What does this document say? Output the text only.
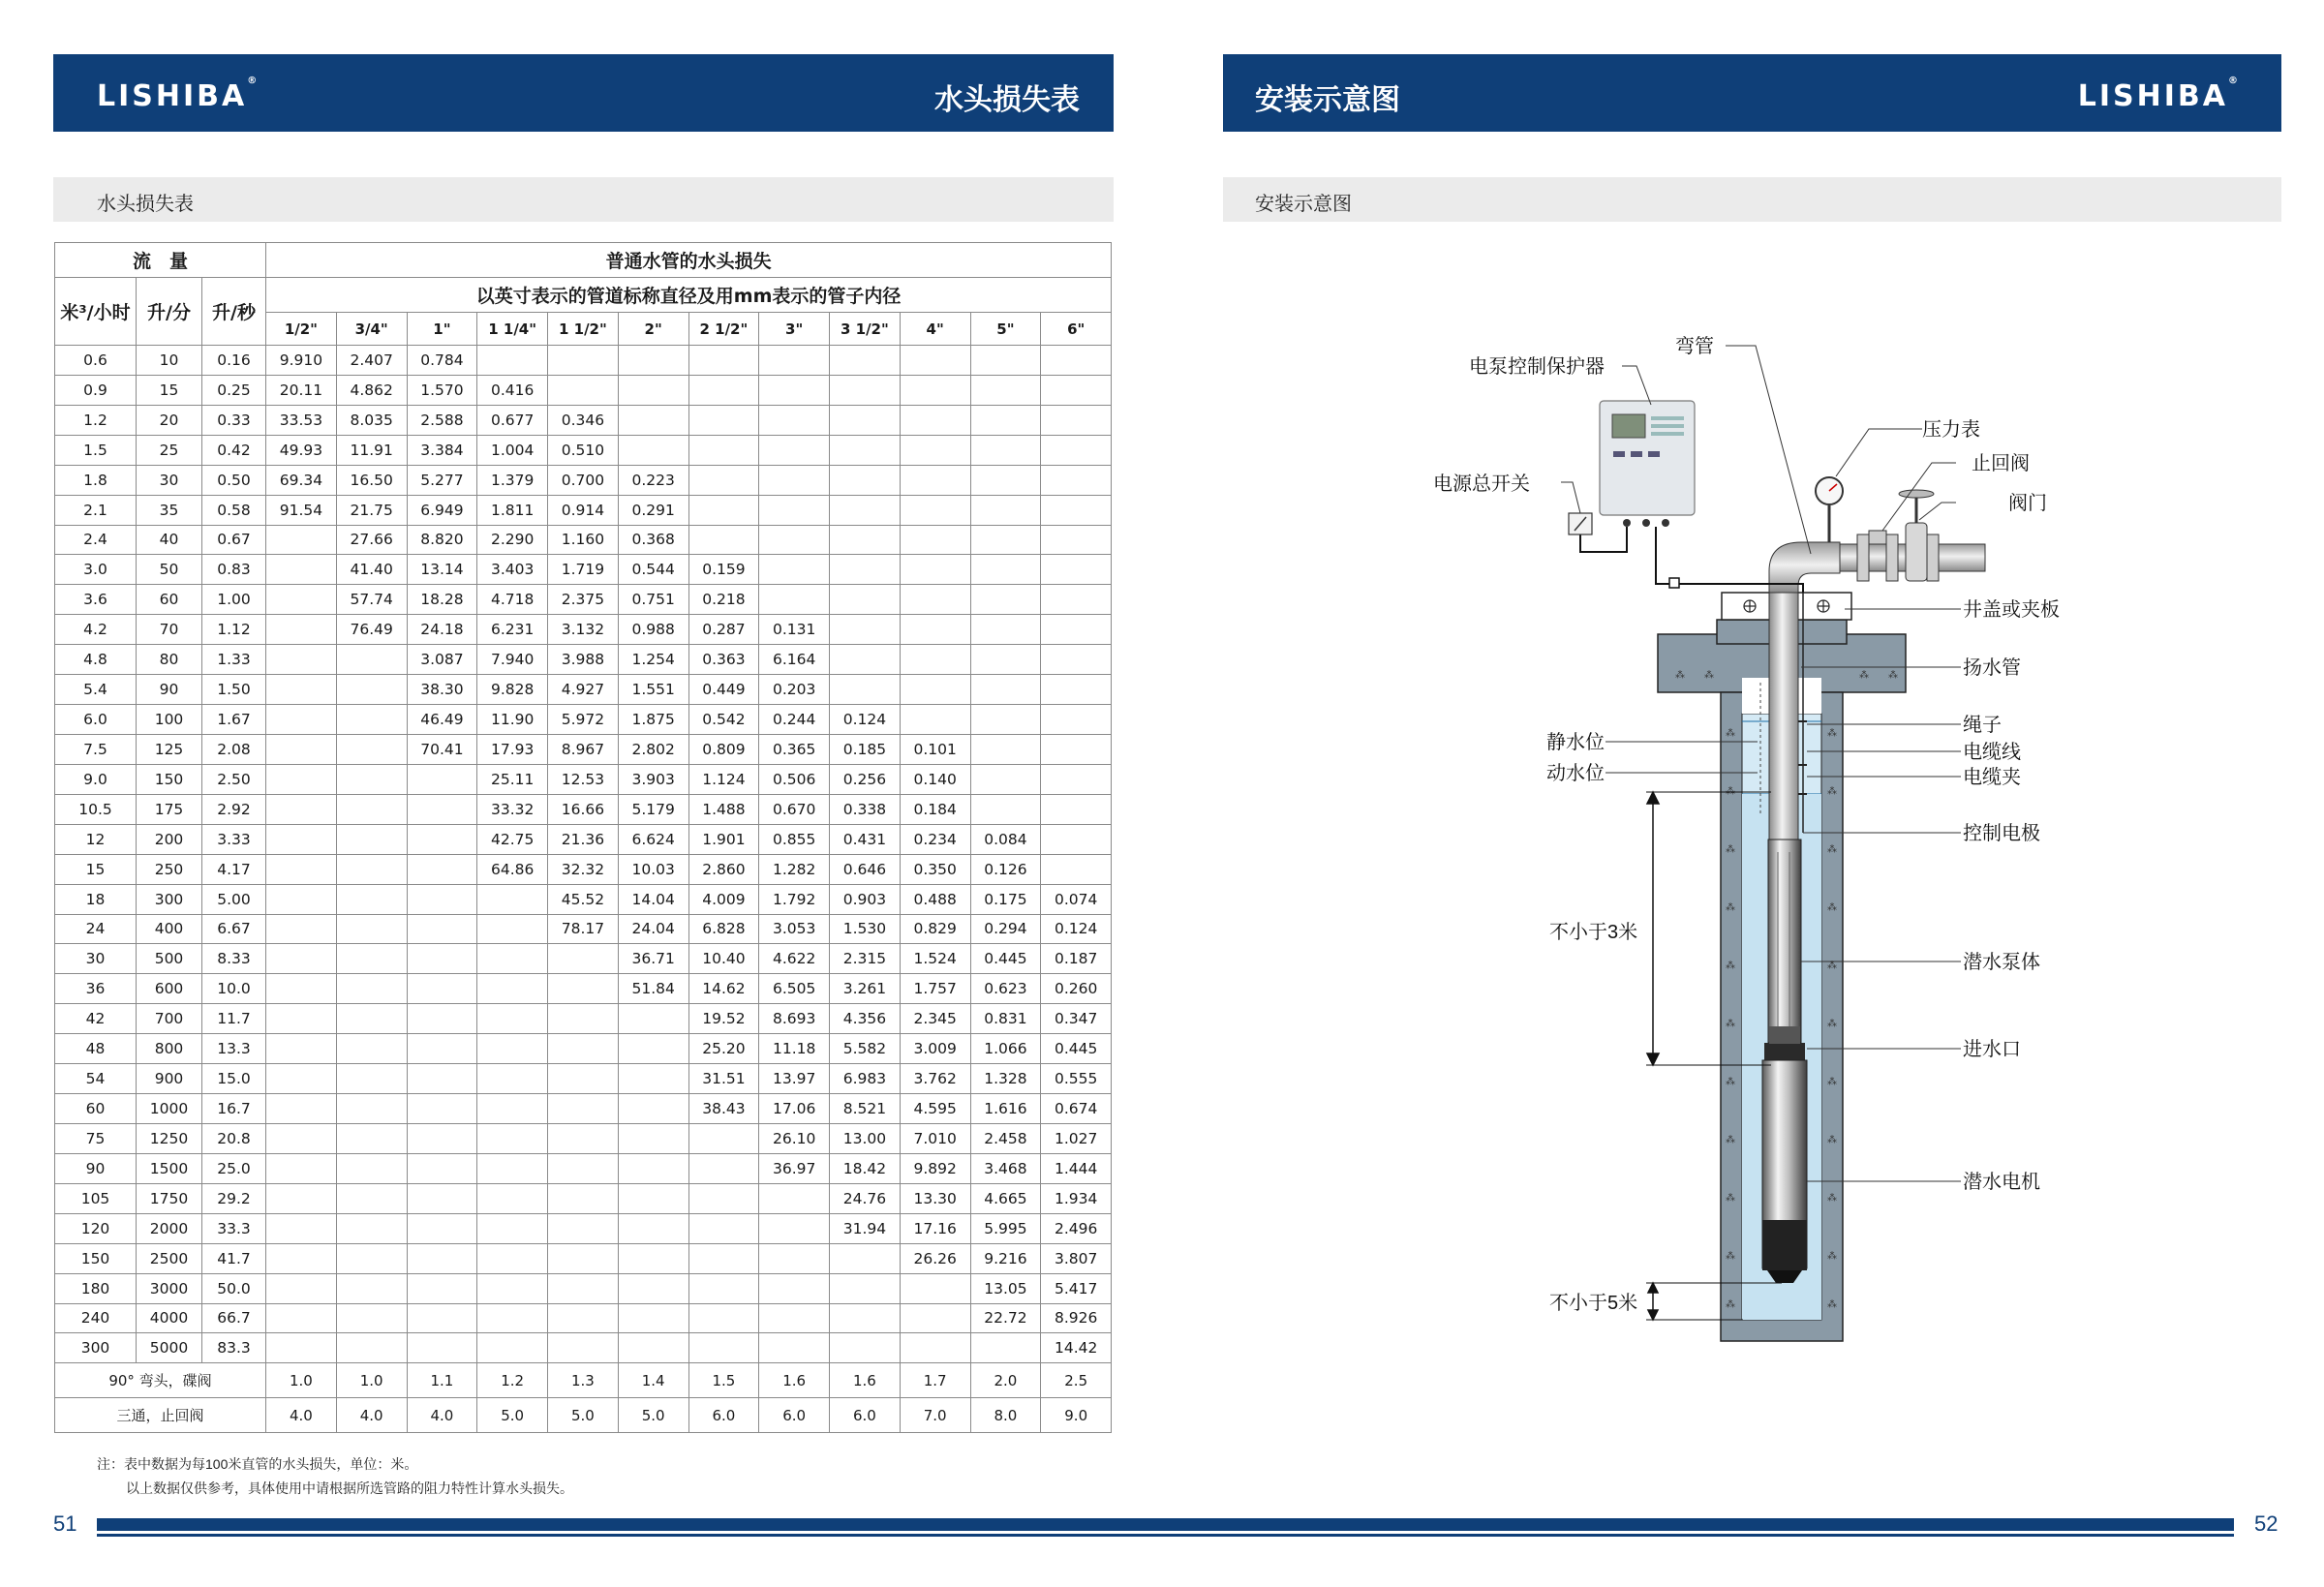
LISHIBA®
水头损失表
水头损失表
流　量			普通水管的水头损失											
米³/小时	升/分	升/秒	以英寸表示的管道标称直径及用mm表示的管子内径											
			1/2"	3/4"	1"	1 1/4"	1 1/2"	2"	2 1/2"	3"	3 1/2"	4"	5"	6"
0.6	10	0.16	9.910	2.407	0.784									
0.9	15	0.25	20.11	4.862	1.570	0.416								
1.2	20	0.33	33.53	8.035	2.588	0.677	0.346							
1.5	25	0.42	49.93	11.91	3.384	1.004	0.510							
1.8	30	0.50	69.34	16.50	5.277	1.379	0.700	0.223						
2.1	35	0.58	91.54	21.75	6.949	1.811	0.914	0.291						
2.4	40	0.67		27.66	8.820	2.290	1.160	0.368						
3.0	50	0.83		41.40	13.14	3.403	1.719	0.544	0.159					
3.6	60	1.00		57.74	18.28	4.718	2.375	0.751	0.218					
4.2	70	1.12		76.49	24.18	6.231	3.132	0.988	0.287	0.131				
4.8	80	1.33			3.087	7.940	3.988	1.254	0.363	6.164				
5.4	90	1.50			38.30	9.828	4.927	1.551	0.449	0.203				
6.0	100	1.67			46.49	11.90	5.972	1.875	0.542	0.244	0.124			
7.5	125	2.08			70.41	17.93	8.967	2.802	0.809	0.365	0.185	0.101		
9.0	150	2.50				25.11	12.53	3.903	1.124	0.506	0.256	0.140		
10.5	175	2.92				33.32	16.66	5.179	1.488	0.670	0.338	0.184		
12	200	3.33				42.75	21.36	6.624	1.901	0.855	0.431	0.234	0.084	
15	250	4.17				64.86	32.32	10.03	2.860	1.282	0.646	0.350	0.126	
18	300	5.00					45.52	14.04	4.009	1.792	0.903	0.488	0.175	0.074
24	400	6.67					78.17	24.04	6.828	3.053	1.530	0.829	0.294	0.124
30	500	8.33						36.71	10.40	4.622	2.315	1.524	0.445	0.187
36	600	10.0						51.84	14.62	6.505	3.261	1.757	0.623	0.260
42	700	11.7							19.52	8.693	4.356	2.345	0.831	0.347
48	800	13.3							25.20	11.18	5.582	3.009	1.066	0.445
54	900	15.0							31.51	13.97	6.983	3.762	1.328	0.555
60	1000	16.7							38.43	17.06	8.521	4.595	1.616	0.674
75	1250	20.8								26.10	13.00	7.010	2.458	1.027
90	1500	25.0								36.97	18.42	9.892	3.468	1.444
105	1750	29.2									24.76	13.30	4.665	1.934
120	2000	33.3									31.94	17.16	5.995	2.496
150	2500	41.7										26.26	9.216	3.807
180	3000	50.0											13.05	5.417
240	4000	66.7											22.72	8.926
300	5000	83.3												14.42
90° 弯头，碟阀			1.0	1.0	1.1	1.2	1.3	1.4	1.5	1.6	1.6	1.7	2.0	2.5
三通，止回阀			4.0	4.0	4.0	5.0	5.0	5.0	6.0	6.0	6.0	7.0	8.0	9.0
注：表中数据为每100米直管的水头损失，单位：米。
以上数据仅供参考，具体使用中请根据所选管路的阻力特性计算水头损失。
安装示意图	LISHIBA®
安装示意图
⁂ ⁂	⁂ ⁂
⁂	⁂
⁂	⁂
⁂	⁂
⁂	⁂
⁂	⁂
⁂	⁂
⁂	⁂
⁂	⁂
⁂	⁂
⁂	⁂
⁂	⁂
电泵控制保护器
弯管
压力表
止回阀
电源总开关
阀门
井盖或夹板
扬水管
静水位
动水位
绳子
电缆线
电缆夹
控制电极
不小于3米
潜水泵体
进水口
潜水电机
不小于5米
51	52
